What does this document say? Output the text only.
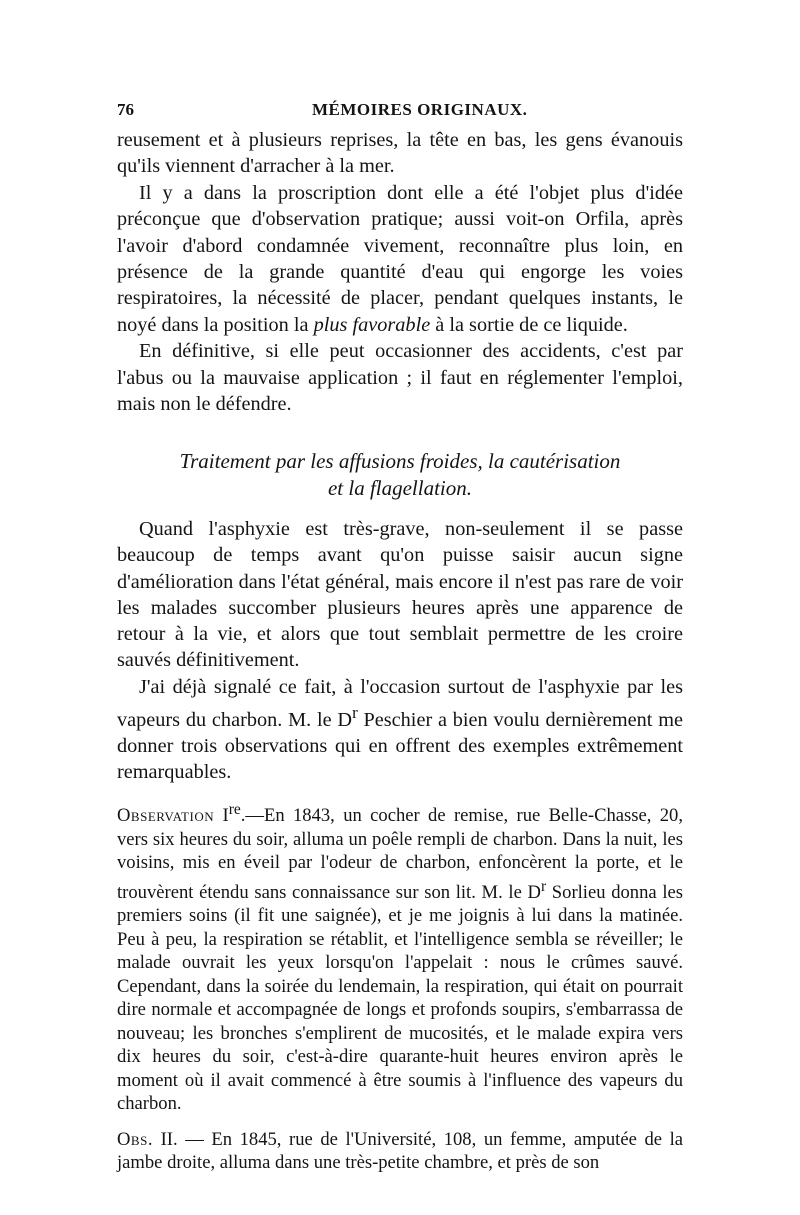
76	MÉMOIRES ORIGINAUX.

reusement et à plusieurs reprises, la tête en bas, les gens évanouis qu'ils viennent d'arracher à la mer.

Il y a dans la proscription dont elle a été l'objet plus d'idée préconçue que d'observation pratique; aussi voit-on Orfila, après l'avoir d'abord condamnée vivement, reconnaître plus loin, en présence de la grande quantité d'eau qui engorge les voies respiratoires, la nécessité de placer, pendant quelques instants, le noyé dans la position la plus favorable à la sortie de ce liquide.

En définitive, si elle peut occasionner des accidents, c'est par l'abus ou la mauvaise application ; il faut en réglementer l'emploi, mais non le défendre.

Traitement par les affusions froides, la cautérisation
et la flagellation.

Quand l'asphyxie est très-grave, non-seulement il se passe beaucoup de temps avant qu'on puisse saisir aucun signe d'amélioration dans l'état général, mais encore il n'est pas rare de voir les malades succomber plusieurs heures après une apparence de retour à la vie, et alors que tout semblait permettre de les croire sauvés définitivement.

J'ai déjà signalé ce fait, à l'occasion surtout de l'asphyxie par les vapeurs du charbon. M. le $D^r$ Peschier a bien voulu dernièrement me donner trois observations qui en offrent des exemples extrêmement remarquables.

Observation Ire.—En 1843, un cocher de remise, rue Belle-Chasse, 20, vers six heures du soir, alluma un poêle rempli de charbon. Dans la nuit, les voisins, mis en éveil par l'odeur de charbon, enfoncèrent la porte, et le trouvèrent étendu sans connaissance sur son lit. M. le $D^r$ Sorlieu donna les premiers soins (il fit une saignée), et je me joignis à lui dans la matinée. Peu à peu, la respiration se rétablit, et l'intelligence sembla se réveiller; le malade ouvrait les yeux lorsqu'on l'appelait : nous le crûmes sauvé. Cependant, dans la soirée du lendemain, la respiration, qui était on pourrait dire normale et accompagnée de longs et profonds soupirs, s'embarrassa de nouveau; les bronches s'emplirent de mucosités, et le malade expira vers dix heures du soir, c'est-à-dire quarante-huit heures environ après le moment où il avait commencé à être soumis à l'influence des vapeurs du charbon.

Obs. II. — En 1845, rue de l'Université, 108, un femme, amputée de la jambe droite, alluma dans une très-petite chambre, et près de son
